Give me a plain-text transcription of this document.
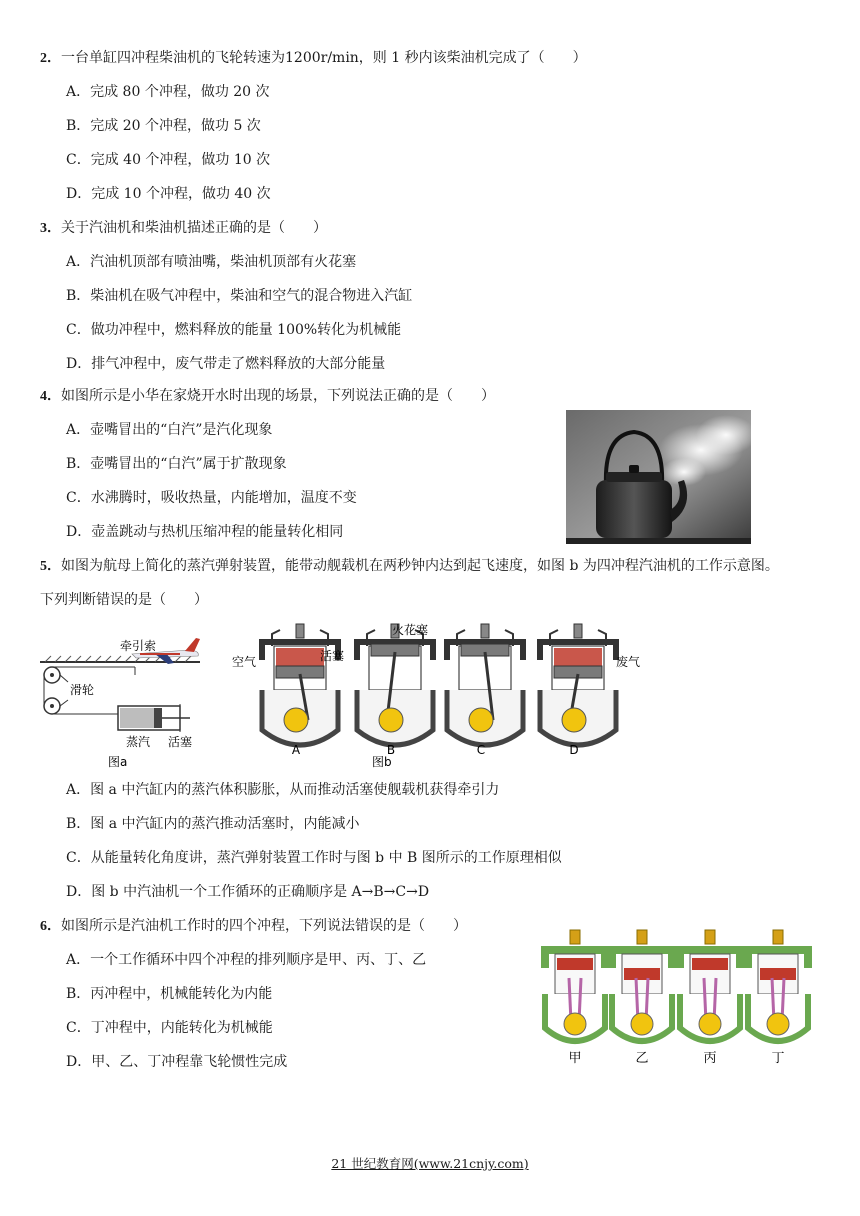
2．一台单缸四冲程柴油机的飞轮转速为1200r/min，则 1 秒内该柴油机完成了（　　）
A．完成 80 个冲程，做功 20 次
B．完成 20 个冲程，做功 5 次
C．完成 40 个冲程，做功 10 次
D．完成 10 个冲程，做功 40 次
3．关于汽油机和柴油机描述正确的是（　　）
A．汽油机顶部有喷油嘴，柴油机顶部有火花塞
B．柴油机在吸气冲程中，柴油和空气的混合物进入汽缸
C．做功冲程中，燃料释放的能量 100%转化为机械能
D．排气冲程中，废气带走了燃料释放的大部分能量
4．如图所示是小华在家烧开水时出现的场景，下列说法正确的是（　　）
A．壶嘴冒出的“白汽”是汽化现象
B．壶嘴冒出的“白汽”属于扩散现象
C．水沸腾时，吸收热量，内能增加，温度不变
D．壶盖跳动与热机压缩冲程的能量转化相同
5．如图为航母上简化的蒸汽弹射装置，能带动舰载机在两秒钟内达到起飞速度，如图 b 为四冲程汽油机的工作示意图。
下列判断错误的是（　　）
牵引索
滑轮
蒸汽 活塞
图a
A	B	C	D
空气	活塞
火花塞
废气
图b
A．图 a 中汽缸内的蒸汽体积膨胀，从而推动活塞使舰载机获得牵引力
B．图 a 中汽缸内的蒸汽推动活塞时，内能减小
C．从能量转化角度讲，蒸汽弹射装置工作时与图 b 中 B 图所示的工作原理相似
D．图 b 中汽油机一个工作循环的正确顺序是 A→B→C→D
6．如图所示是汽油机工作时的四个冲程，下列说法错误的是（　　）
A．一个工作循环中四个冲程的排列顺序是甲、丙、丁、乙
B．丙冲程中，机械能转化为内能
C．丁冲程中，内能转化为机械能
D．甲、乙、丁冲程靠飞轮惯性完成	甲	乙	丙	丁
21 世纪教育网(www.21cnjy.com)
